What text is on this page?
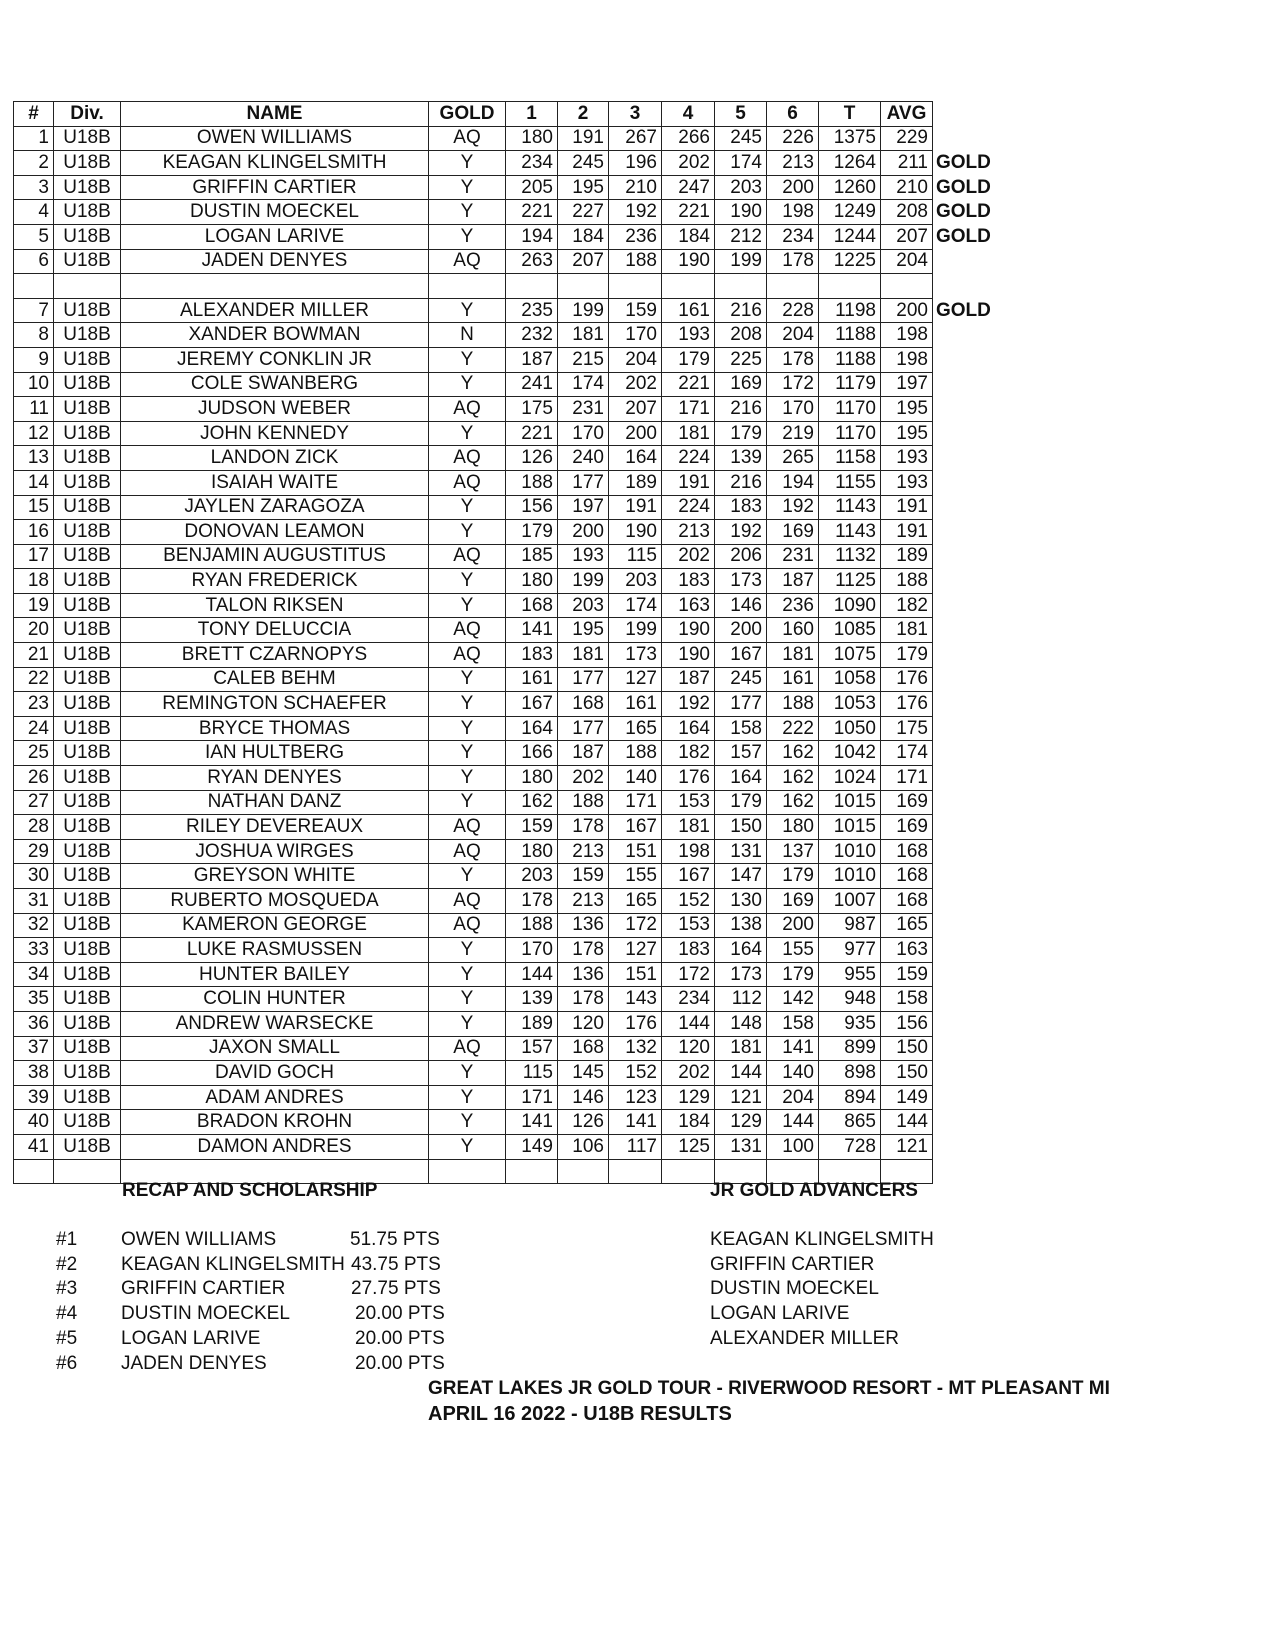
#	Div.	NAME	GOLD	1	2	3	4	5	6	T	AVG	
1	U18B	OWEN WILLIAMS	AQ	180	191	267	266	245	226	1375	229	
2	U18B	KEAGAN KLINGELSMITH	Y	234	245	196	202	174	213	1264	211	GOLD
3	U18B	GRIFFIN CARTIER	Y	205	195	210	247	203	200	1260	210	GOLD
4	U18B	DUSTIN MOECKEL	Y	221	227	192	221	190	198	1249	208	GOLD
5	U18B	LOGAN LARIVE	Y	194	184	236	184	212	234	1244	207	GOLD
6	U18B	JADEN DENYES	AQ	263	207	188	190	199	178	1225	204	

7	U18B	ALEXANDER MILLER	Y	235	199	159	161	216	228	1198	200	GOLD
8	U18B	XANDER BOWMAN	N	232	181	170	193	208	204	1188	198	
9	U18B	JEREMY CONKLIN JR	Y	187	215	204	179	225	178	1188	198	
10	U18B	COLE SWANBERG	Y	241	174	202	221	169	172	1179	197	
11	U18B	JUDSON WEBER	AQ	175	231	207	171	216	170	1170	195	
12	U18B	JOHN KENNEDY	Y	221	170	200	181	179	219	1170	195	
13	U18B	LANDON ZICK	AQ	126	240	164	224	139	265	1158	193	
14	U18B	ISAIAH WAITE	AQ	188	177	189	191	216	194	1155	193	
15	U18B	JAYLEN ZARAGOZA	Y	156	197	191	224	183	192	1143	191	
16	U18B	DONOVAN LEAMON	Y	179	200	190	213	192	169	1143	191	
17	U18B	BENJAMIN AUGUSTITUS	AQ	185	193	115	202	206	231	1132	189	
18	U18B	RYAN FREDERICK	Y	180	199	203	183	173	187	1125	188	
19	U18B	TALON RIKSEN	Y	168	203	174	163	146	236	1090	182	
20	U18B	TONY DELUCCIA	AQ	141	195	199	190	200	160	1085	181	
21	U18B	BRETT CZARNOPYS	AQ	183	181	173	190	167	181	1075	179	
22	U18B	CALEB BEHM	Y	161	177	127	187	245	161	1058	176	
23	U18B	REMINGTON SCHAEFER	Y	167	168	161	192	177	188	1053	176	
24	U18B	BRYCE THOMAS	Y	164	177	165	164	158	222	1050	175	
25	U18B	IAN HULTBERG	Y	166	187	188	182	157	162	1042	174	
26	U18B	RYAN DENYES	Y	180	202	140	176	164	162	1024	171	
27	U18B	NATHAN DANZ	Y	162	188	171	153	179	162	1015	169	
28	U18B	RILEY DEVEREAUX	AQ	159	178	167	181	150	180	1015	169	
29	U18B	JOSHUA WIRGES	AQ	180	213	151	198	131	137	1010	168	
30	U18B	GREYSON WHITE	Y	203	159	155	167	147	179	1010	168	
31	U18B	RUBERTO MOSQUEDA	AQ	178	213	165	152	130	169	1007	168	
32	U18B	KAMERON GEORGE	AQ	188	136	172	153	138	200	987	165	
33	U18B	LUKE RASMUSSEN	Y	170	178	127	183	164	155	977	163	
34	U18B	HUNTER BAILEY	Y	144	136	151	172	173	179	955	159	
35	U18B	COLIN HUNTER	Y	139	178	143	234	112	142	948	158	
36	U18B	ANDREW WARSECKE	Y	189	120	176	144	148	158	935	156	
37	U18B	JAXON SMALL	AQ	157	168	132	120	181	141	899	150	
38	U18B	DAVID GOCH	Y	115	145	152	202	144	140	898	150	
39	U18B	ADAM ANDRES	Y	171	146	123	129	121	204	894	149	
40	U18B	BRADON KROHN	Y	141	126	141	184	129	144	865	144	
41	U18B	DAMON ANDRES	Y	149	106	117	125	131	100	728	121	

RECAP AND SCHOLARSHIP	JR GOLD ADVANCERS
#1 OWEN WILLIAMS	51.75 PTS
#2 KEAGAN KLINGELSMITH 43.75 PTS
#3 GRIFFIN CARTIER	27.75 PTS
#4 DUSTIN MOECKEL	20.00 PTS
#5 LOGAN LARIVE	20.00 PTS
#6 JADEN DENYES	20.00 PTS
KEAGAN KLINGELSMITH
GRIFFIN CARTIER
DUSTIN MOECKEL
LOGAN LARIVE
ALEXANDER MILLER
GREAT LAKES JR GOLD TOUR - RIVERWOOD RESORT - MT PLEASANT MI
APRIL 16 2022 - U18B RESULTS
